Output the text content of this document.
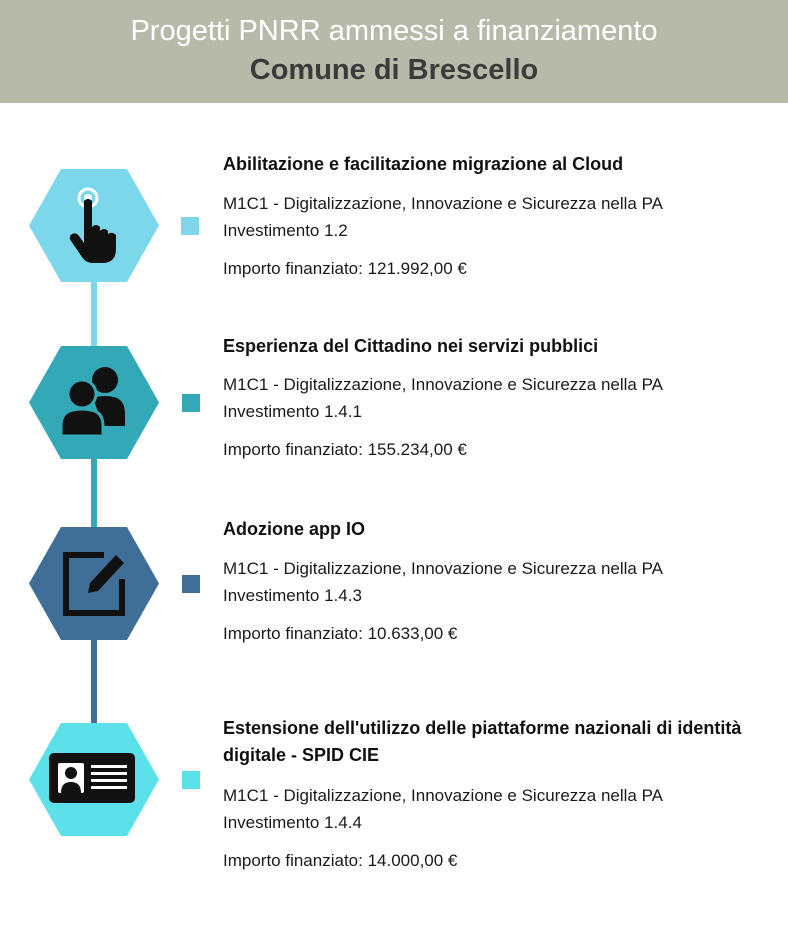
Progetti PNRR ammessi a finanziamento
Comune di Brescello
Abilitazione e facilitazione migrazione al Cloud
M1C1 - Digitalizzazione, Innovazione e Sicurezza nella PA
Investimento 1.2
Importo finanziato: 121.992,00 €
Esperienza del Cittadino nei servizi pubblici
M1C1 - Digitalizzazione, Innovazione e Sicurezza nella PA
Investimento 1.4.1
Importo finanziato: 155.234,00 €
Adozione app IO
M1C1 - Digitalizzazione, Innovazione e Sicurezza nella PA
Investimento 1.4.3
Importo finanziato: 10.633,00 €
Estensione dell'utilizzo delle piattaforme nazionali di identità digitale - SPID CIE
M1C1 - Digitalizzazione, Innovazione e Sicurezza nella PA
Investimento 1.4.4
Importo finanziato: 14.000,00 €
